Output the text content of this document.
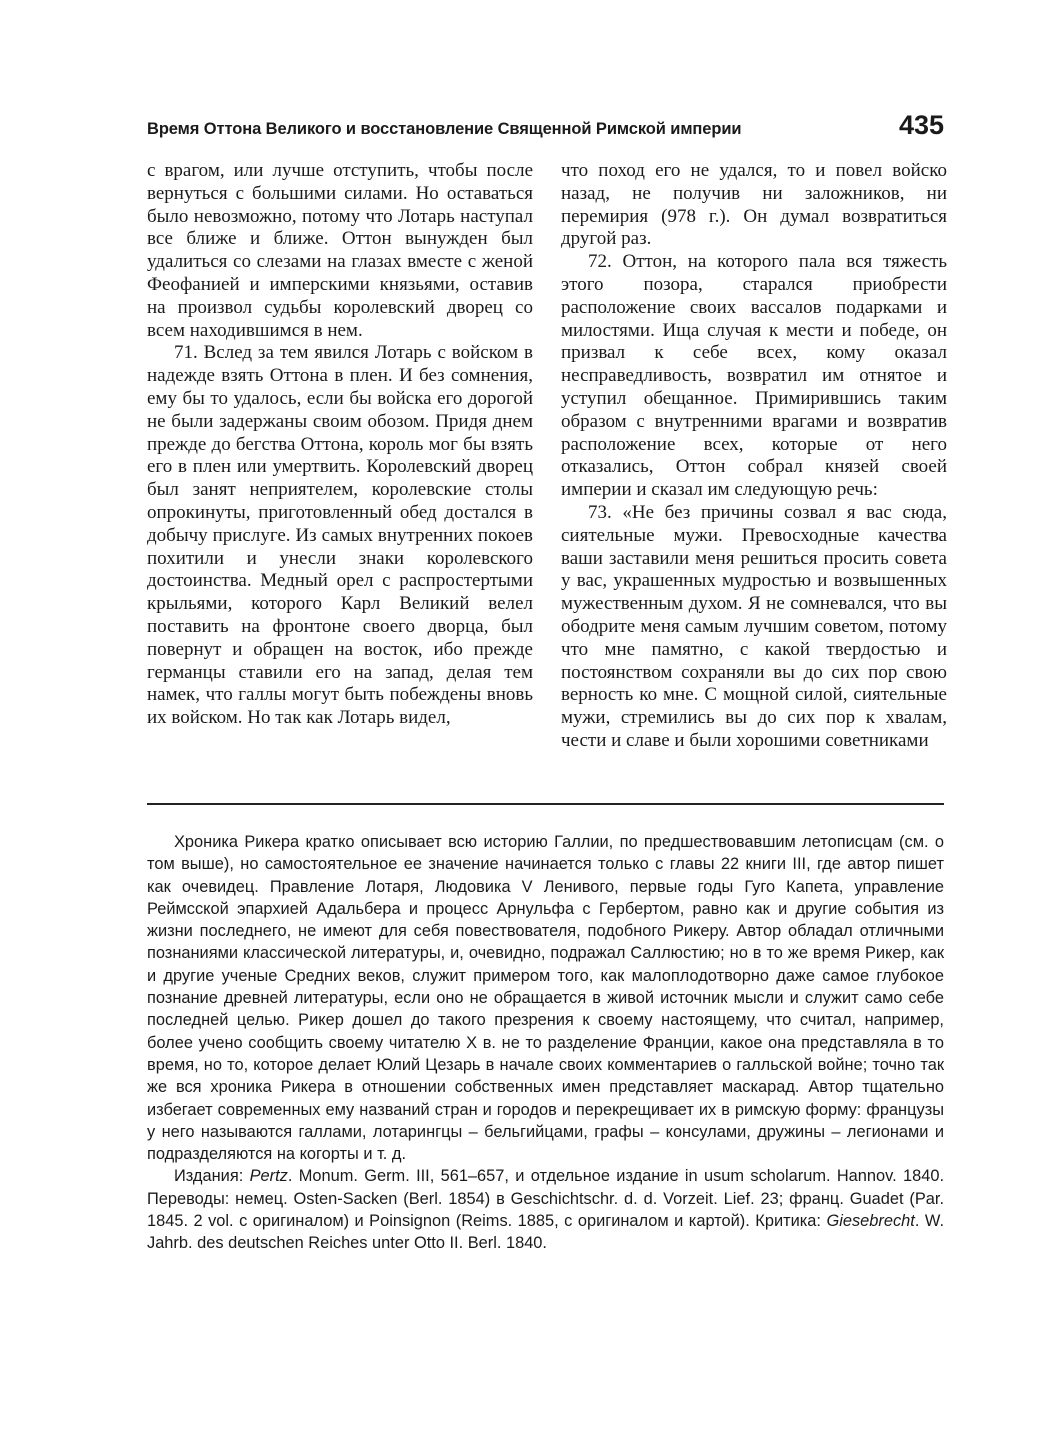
Время Оттона Великого и восстановление Священной Римской империи	435

с врагом, или лучше отступить, чтобы после вернуться с большими силами. Но оставаться было невозможно, потому что Лотарь наступал все ближе и ближе. Оттон вынужден был удалиться со слезами на глазах вместе с женой Феофанией и имперскими князьями, оставив на произвол судьбы королевский дворец со всем находившимся в нем.

71. Вслед за тем явился Лотарь с войском в надежде взять Оттона в плен. И без сомнения, ему бы то удалось, если бы войска его дорогой не были задержаны своим обозом. Придя днем прежде до бегства Оттона, король мог бы взять его в плен или умертвить. Королевский дворец был занят неприятелем, королевские столы опрокинуты, приготовленный обед достался в добычу прислуге. Из самых внутренних покоев похитили и унесли знаки королевского достоинства. Медный орел с распростертыми крыльями, которого Карл Великий велел поставить на фронтоне своего дворца, был повернут и обращен на восток, ибо прежде германцы ставили его на запад, делая тем намек, что галлы могут быть побеждены вновь их войском. Но так как Лотарь видел,

что поход его не удался, то и повел войско назад, не получив ни заложников, ни перемирия (978 г.). Он думал возвратиться другой раз.

72. Оттон, на которого пала вся тяжесть этого позора, старался приобрести расположение своих вассалов подарками и милостями. Ища случая к мести и победе, он призвал к себе всех, кому оказал несправедливость, возвратил им отнятое и уступил обещанное. Примирившись таким образом с внутренними врагами и возвратив расположение всех, которые от него отказались, Оттон собрал князей своей империи и сказал им следующую речь:

73. «Не без причины созвал я вас сюда, сиятельные мужи. Превосходные качества ваши заставили меня решиться просить совета у вас, украшенных мудростью и возвышенных мужественным духом. Я не сомневался, что вы ободрите меня самым лучшим советом, потому что мне памятно, с какой твердостью и постоянством сохраняли вы до сих пор свою верность ко мне. С мощной силой, сиятельные мужи, стремились вы до сих пор к хвалам, чести и славе и были хорошими советниками

Хроника Рикера кратко описывает всю историю Галлии, по предшествовавшим летописцам (см. о том выше), но самостоятельное ее значение начинается только с главы 22 книги III, где автор пишет как очевидец. Правление Лотаря, Людовика V Ленивого, первые годы Гуго Капета, управление Реймсской эпархией Адальбера и процесс Арнульфа с Гербертом, равно как и другие события из жизни последнего, не имеют для себя повествователя, подобного Рикеру. Автор обладал отличными познаниями классической литературы, и, очевидно, подражал Саллюстию; но в то же время Рикер, как и другие ученые Средних веков, служит примером того, как малоплодотворно даже самое глубокое познание древней литературы, если оно не обращается в живой источник мысли и служит само себе последней целью. Рикер дошел до такого презрения к своему настоящему, что считал, например, более учено сообщить своему читателю X в. не то разделение Франции, какое она представляла в то время, но то, которое делает Юлий Цезарь в начале своих комментариев о галльской войне; точно так же вся хроника Рикера в отношении собственных имен представляет маскарад. Автор тщательно избегает современных ему названий стран и городов и перекрещивает их в римскую форму: французы у него называются галлами, лотарингцы – бельгийцами, графы – консулами, дружины – легионами и подразделяются на когорты и т. д.

Издания: Pertz. Monum. Germ. III, 561–657, и отдельное издание in usum scholarum. Hannov. 1840. Переводы: немец. Osten-Sacken (Berl. 1854) в Geschichtschr. d. d. Vorzeit. Lief. 23; франц. Guadet (Par. 1845. 2 vol. с оригиналом) и Poinsignon (Reims. 1885, с оригиналом и картой). Критика: Giesebrecht. W. Jahrb. des deutschen Reiches unter Otto II. Berl. 1840.
